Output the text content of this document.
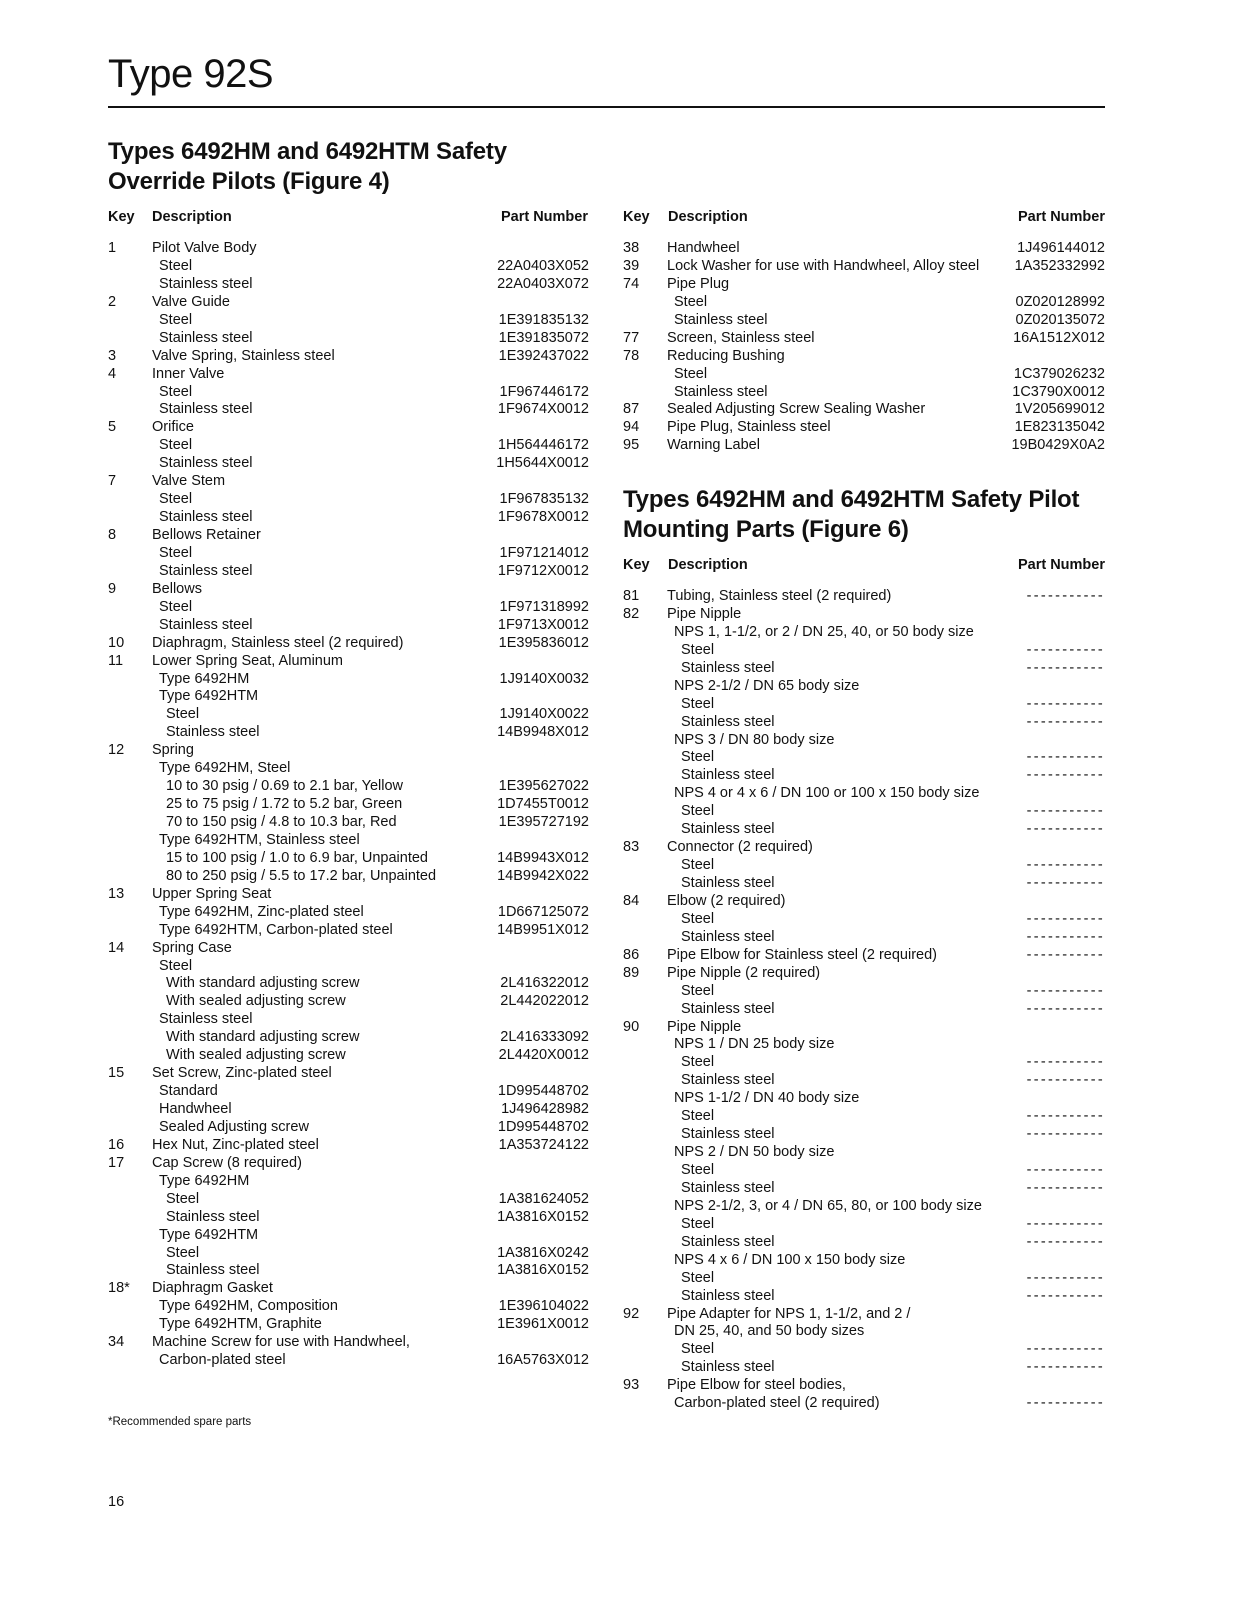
Type 92S
Types 6492HM and 6492HTM Safety
Override Pilots (Figure 4)
Key Description	Part Number Key Description	Part Number
1 Pilot Valve Body
Steel	22A0403X052
Stainless steel	22A0403X072
2 Valve Guide
Steel	1E391835132
Stainless steel	1E391835072
3 Valve Spring, Stainless steel	1E392437022
4 Inner Valve
Steel	1F967446172
Stainless steel	1F9674X0012
5 Orifice
Steel	1H564446172
Stainless steel	1H5644X0012
7 Valve Stem
Steel	1F967835132
Stainless steel	1F9678X0012
8 Bellows Retainer
Steel	1F971214012
Stainless steel	1F9712X0012
9 Bellows
Steel	1F971318992
Stainless steel	1F9713X0012
10 Diaphragm, Stainless steel (2 required)	1E395836012
11 Lower Spring Seat, Aluminum
Type 6492HM	1J9140X0032
Type 6492HTM
Steel	1J9140X0022
Stainless steel	14B9948X012
12 Spring
Type 6492HM, Steel
10 to 30 psig / 0.69 to 2.1 bar, Yellow	1E395627022
25 to 75 psig / 1.72 to 5.2 bar, Green	1D7455T0012
70 to 150 psig / 4.8 to 10.3 bar, Red	1E395727192
Type 6492HTM, Stainless steel
15 to 100 psig / 1.0 to 6.9 bar, Unpainted	14B9943X012
80 to 250 psig / 5.5 to 17.2 bar, Unpainted	14B9942X022
13 Upper Spring Seat
Type 6492HM, Zinc-plated steel	1D667125072
Type 6492HTM, Carbon-plated steel	14B9951X012
14 Spring Case
Steel
With standard adjusting screw	2L416322012
With sealed adjusting screw	2L442022012
Stainless steel
With standard adjusting screw	2L416333092
With sealed adjusting screw	2L4420X0012
15 Set Screw, Zinc-plated steel
Standard	1D995448702
Handwheel	1J496428982
Sealed Adjusting screw	1D995448702
16 Hex Nut, Zinc-plated steel	1A353724122
17 Cap Screw (8 required)
Type 6492HM
Steel	1A381624052
Stainless steel	1A3816X0152
Type 6492HTM
Steel	1A3816X0242
Stainless steel	1A3816X0152
18* Diaphragm Gasket
Type 6492HM, Composition	1E396104022
Type 6492HTM, Graphite	1E3961X0012
34 Machine Screw for use with Handwheel,
Carbon-plated steel	16A5763X012
38 Handwheel	1J496144012
39 Lock Washer for use with Handwheel, Alloy steel 1A352332992
74 Pipe Plug
Steel	0Z020128992
Stainless steel	0Z020135072
77 Screen, Stainless steel	16A1512X012
78 Reducing Bushing
Steel	1C379026232
Stainless steel	1C3790X0012
87 Sealed Adjusting Screw Sealing Washer	1V205699012
94 Pipe Plug, Stainless steel	1E823135042
95 Warning Label	19B0429X0A2
Types 6492HM and 6492HTM Safety Pilot
Mounting Parts (Figure 6)
Key Description	Part Number
81 Tubing, Stainless steel (2 required)	-----------
82 Pipe Nipple
NPS 1, 1-1/2, or 2 / DN 25, 40, or 50 body size
Steel	-----------
Stainless steel	-----------
NPS 2-1/2 / DN 65 body size
Steel	-----------
Stainless steel	-----------
NPS 3 / DN 80 body size
Steel	-----------
Stainless steel	-----------
NPS 4 or 4 x 6 / DN 100 or 100 x 150 body size
Steel	-----------
Stainless steel	-----------
83 Connector (2 required)
Steel	-----------
Stainless steel	-----------
84 Elbow (2 required)
Steel	-----------
Stainless steel	-----------
86 Pipe Elbow for Stainless steel (2 required)	-----------
89 Pipe Nipple (2 required)
Steel	-----------
Stainless steel	-----------
90 Pipe Nipple
NPS 1 / DN 25 body size
Steel	-----------
Stainless steel	-----------
NPS 1-1/2 / DN 40 body size
Steel	-----------
Stainless steel	-----------
NPS 2 / DN 50 body size
Steel	-----------
Stainless steel	-----------
NPS 2-1/2, 3, or 4 / DN 65, 80, or 100 body size
Steel	-----------
Stainless steel	-----------
NPS 4 x 6 / DN 100 x 150 body size
Steel	-----------
Stainless steel	-----------
92 Pipe Adapter for NPS 1, 1-1/2, and 2 /
DN 25, 40, and 50 body sizes
Steel	-----------
Stainless steel	-----------
93 Pipe Elbow for steel bodies,
Carbon-plated steel (2 required)	-----------
*Recommended spare parts
16
